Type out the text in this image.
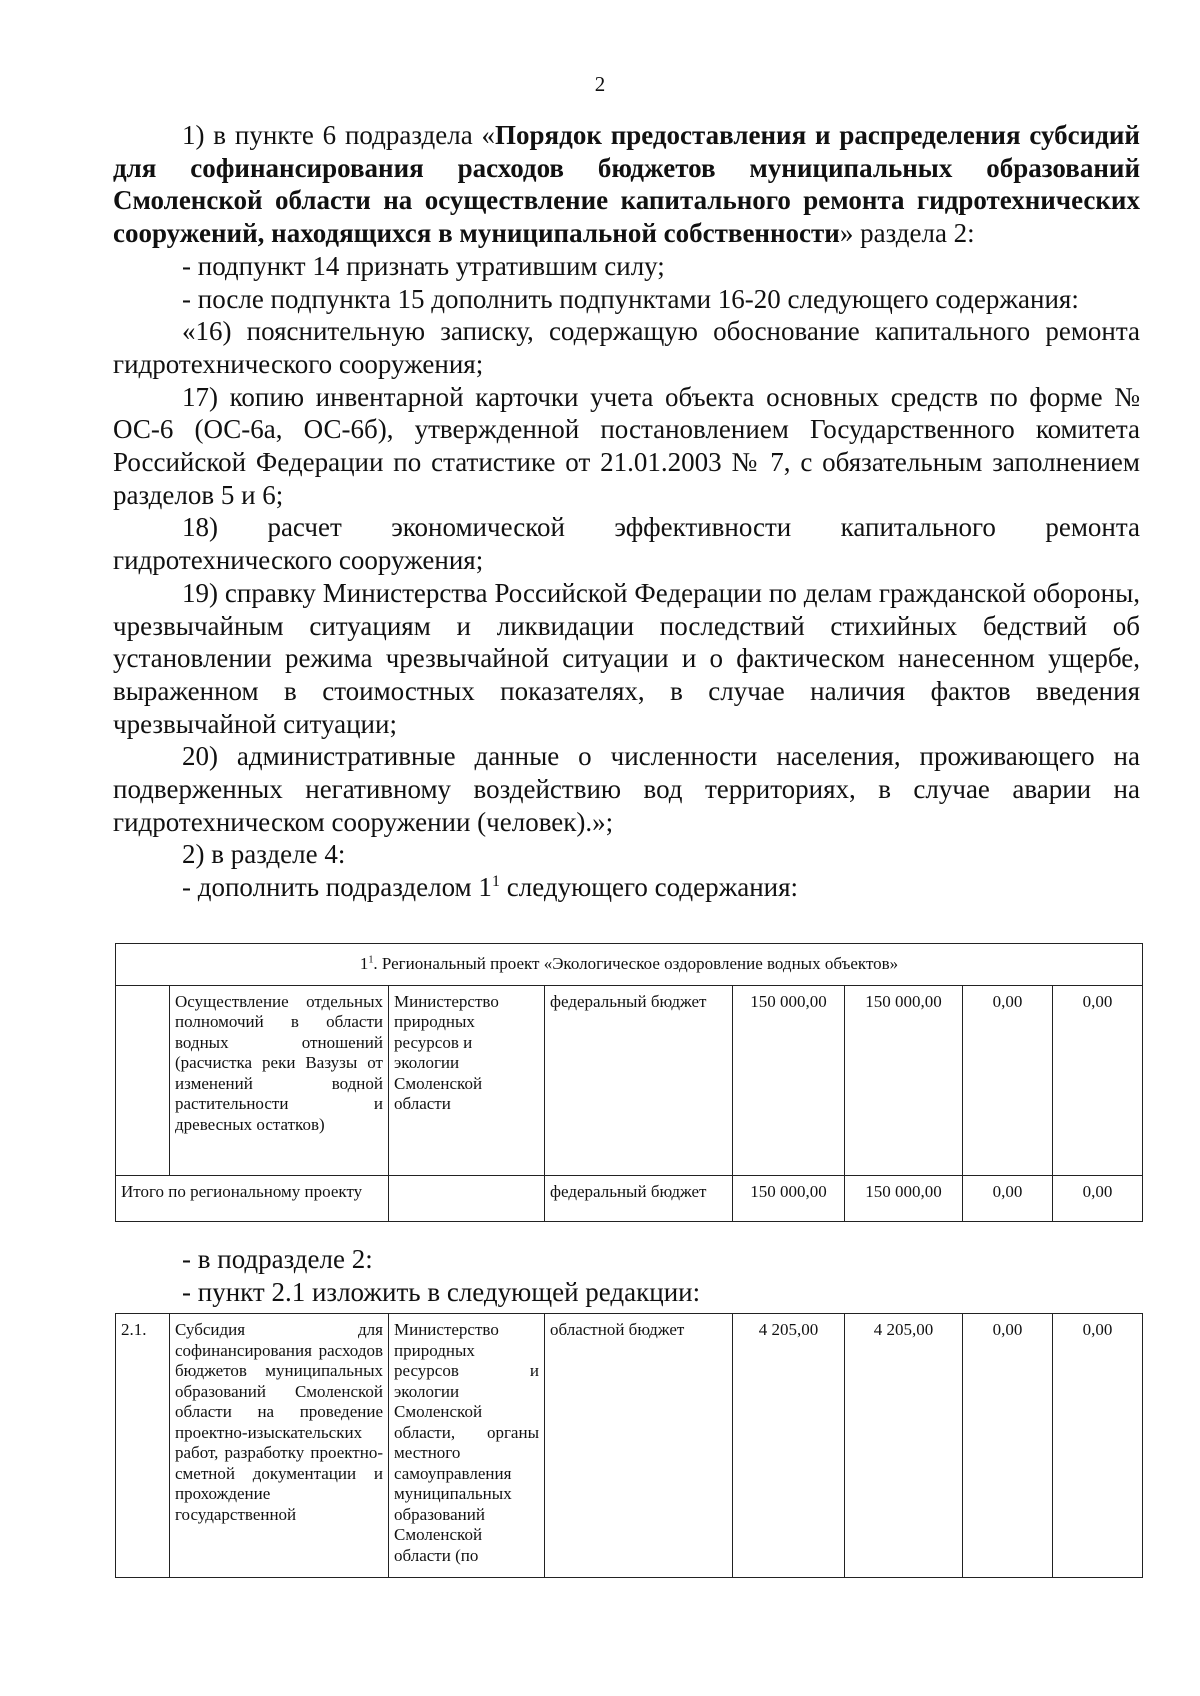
2

1) в пункте 6 подраздела «Порядок предоставления и распределения субсидий для софинансирования расходов бюджетов муниципальных образований Смоленской области на осуществление капитального ремонта гидротехнических сооружений, находящихся в муниципальной собственности» раздела 2:

- подпункт 14 признать утратившим силу;

- после подпункта 15 дополнить подпунктами 16-20 следующего содержания:

«16) пояснительную записку, содержащую обоснование капитального ремонта гидротехнического сооружения;

17) копию инвентарной карточки учета объекта основных средств по форме № ОС-6 (ОС-6а, ОС-6б), утвержденной постановлением Государственного комитета Российской Федерации по статистике от 21.01.2003 № 7, с обязательным заполнением разделов 5 и 6;

18) расчет экономической эффективности капитального ремонта гидротехнического сооружения;

19) справку Министерства Российской Федерации по делам гражданской обороны, чрезвычайным ситуациям и ликвидации последствий стихийных бедствий об установлении режима чрезвычайной ситуации и о фактическом нанесенном ущербе, выраженном в стоимостных показателях, в случае наличия фактов введения чрезвычайной ситуации;

20) административные данные о численности населения, проживающего на подверженных негативному воздействию вод территориях, в случае аварии на гидротехническом сооружении (человек).»;

2) в разделе 4:

- дополнить подразделом $1^1$ следующего содержания:

$1^1$. Региональный проект «Экологическое оздоровление водных объектов»							
	Осуществление отдельных полномочий в области водных отношений (расчистка реки Вазузы от изменений водной растительности и древесных остатков)	Министерство природных ресурсов и экологии Смоленской области	федеральный бюджет	150 000,00	150 000,00	0,00	0,00
Итого по региональному проекту			федеральный бюджет	150 000,00	150 000,00	0,00	0,00
- в подразделе 2:
- пункт 2.1 изложить в следующей редакции:
2.1.	Субсидия для софинансирования расходов бюджетов муниципальных образований Смоленской области на проведение проектно-изыскательских работ, разработку проектно-сметной документации и прохождение государственной	Министерство природных ресурсов и экологии Смоленской области, органы местного самоуправления муниципальных образований Смоленской области (по	областной бюджет	4 205,00	4 205,00	0,00	0,00
